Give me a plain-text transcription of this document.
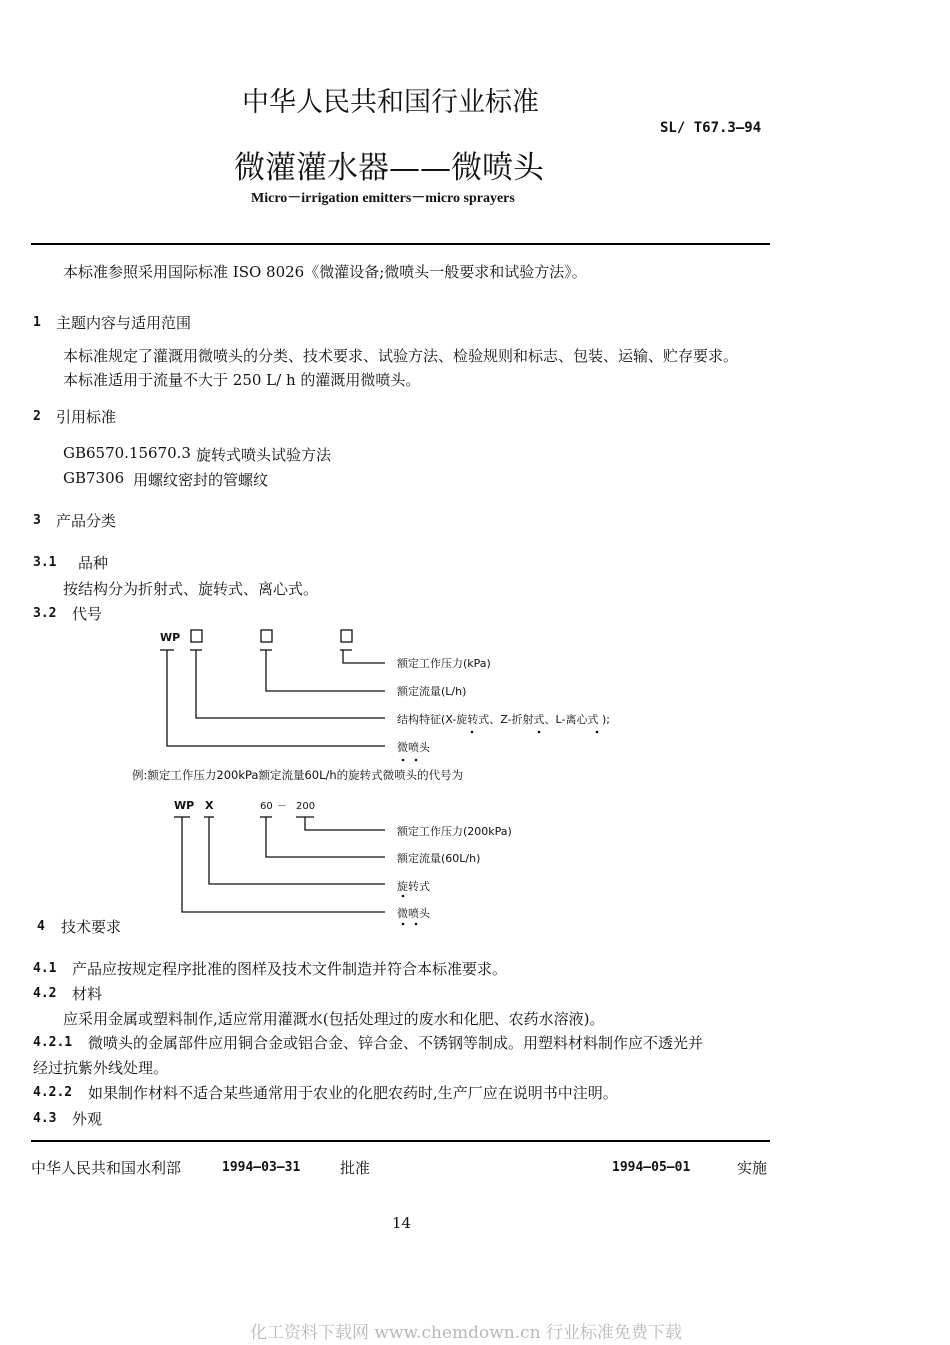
中华人民共和国行业标准
SL/ T67.3—94
微灌灌水器——微喷头
Micro－irrigation emitters－micro sprayers
本标准参照采用国际标准 ISO 8026《微灌设备;微喷头一般要求和试验方法》。
1 主题内容与适用范围
本标准规定了灌溉用微喷头的分类、技术要求、试验方法、检验规则和标志、包装、运输、贮存要求。
本标准适用于流量不大于 250 L/ h 的灌溉用微喷头。
2 引用标准
GB6570.15670.3 旋转式喷头试验方法
GB7306 用螺纹密封的管螺纹
3 产品分类
3.1 品种
按结构分为折射式、旋转式、离心式。
3.2 代号
WP
额定工作压力(kPa)
额定流量(L/h)
结构特征(X-旋转式、Z-折射式、L-离心式 );
微喷头
例:额定工作压力200kPa额定流量60L/h的旋转式微喷头的代号为
WP X	60 － 200
额定工作压力(200kPa)
额定流量(60L/h)
旋转式
微喷头
4 技术要求
4.1 产品应按规定程序批准的图样及技术文件制造并符合本标准要求。
4.2 材料
应采用金属或塑料制作,适应常用灌溉水(包括处理过的废水和化肥、农药水溶液)。
4.2.1 微喷头的金属部件应用铜合金或铝合金、锌合金、不锈钢等制成。用塑料材料制作应不透光并
经过抗紫外线处理。
4.2.2 如果制作材料不适合某些通常用于农业的化肥农药时,生产厂应在说明书中注明。
4.3 外观
中华人民共和国水利部	1994—03—31	批准	1994—05—01	实施
14
化工资料下载网 www.chemdown.cn 行业标准免费下载
